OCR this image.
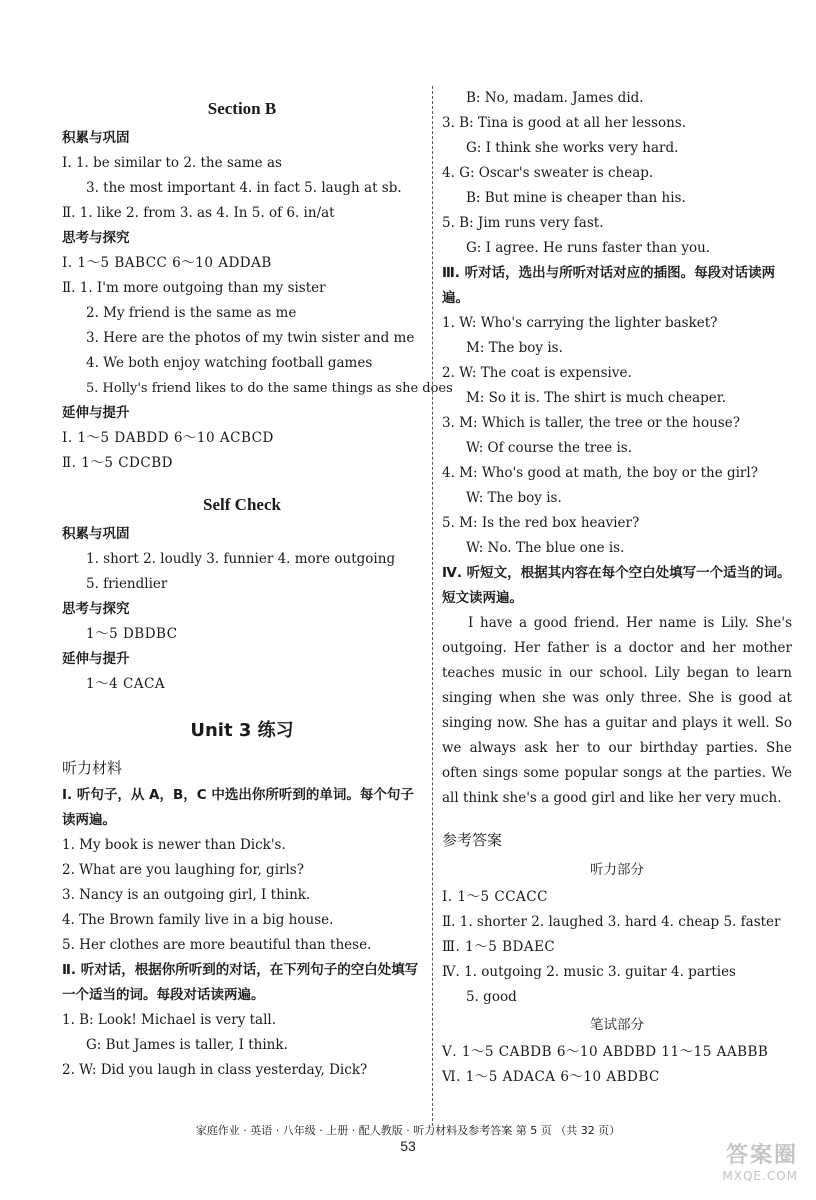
Section B
积累与巩固
Ⅰ. 1. be similar to 2. the same as
3. the most important 4. in fact 5. laugh at sb.
Ⅱ. 1. like 2. from 3. as 4. In 5. of 6. in/at
思考与探究
Ⅰ. 1～5 BABCC 6～10 ADDAB
Ⅱ. 1. I'm more outgoing than my sister
2. My friend is the same as me
3. Here are the photos of my twin sister and me
4. We both enjoy watching football games
5. Holly's friend likes to do the same things as she does
延伸与提升
Ⅰ. 1～5 DABDD 6～10 ACBCD
Ⅱ. 1～5 CDCBD
Self Check
积累与巩固
1. short 2. loudly 3. funnier 4. more outgoing
5. friendlier
思考与探究
1～5 DBDBC
延伸与提升
1～4 CACA
Unit 3 练习
听力材料
Ⅰ. 听句子，从 A，B，C 中选出你所听到的单词。每个句子读两遍。
1. My book is newer than Dick's.
2. What are you laughing for, girls?
3. Nancy is an outgoing girl, I think.
4. The Brown family live in a big house.
5. Her clothes are more beautiful than these.
Ⅱ. 听对话，根据你所听到的对话，在下列句子的空白处填写一个适当的词。每段对话读两遍。
1. B: Look! Michael is very tall.
G: But James is taller, I think.
2. W: Did you laugh in class yesterday, Dick?
B: No, madam. James did.
3. B: Tina is good at all her lessons.
G: I think she works very hard.
4. G: Oscar's sweater is cheap.
B: But mine is cheaper than his.
5. B: Jim runs very fast.
G: I agree. He runs faster than you.
Ⅲ. 听对话，选出与所听对话对应的插图。每段对话读两遍。
1. W: Who's carrying the lighter basket?
M: The boy is.
2. W: The coat is expensive.
M: So it is. The shirt is much cheaper.
3. M: Which is taller, the tree or the house?
W: Of course the tree is.
4. M: Who's good at math, the boy or the girl?
W: The boy is.
5. M: Is the red box heavier?
W: No. The blue one is.
Ⅳ. 听短文，根据其内容在每个空白处填写一个适当的词。短文读两遍。
I have a good friend. Her name is Lily. She's outgoing. Her father is a doctor and her mother teaches music in our school. Lily began to learn singing when she was only three. She is good at singing now. She has a guitar and plays it well. So we always ask her to our birthday parties. She often sings some popular songs at the parties. We all think she's a good girl and like her very much.
参考答案
听力部分
Ⅰ. 1～5 CCACC
Ⅱ. 1. shorter 2. laughed 3. hard 4. cheap 5. faster
Ⅲ. 1～5 BDAEC
Ⅳ. 1. outgoing 2. music 3. guitar 4. parties
5. good
笔试部分
Ⅴ. 1～5 CABDB 6～10 ABDBD 11～15 AABBB
Ⅵ. 1～5 ADACA 6～10 ABDBC
家庭作业 · 英语 · 八年级 · 上册 · 配人教版 · 听力材料及参考答案 第 5 页 （共 32 页）
53	答案圈
MXQE.COM
